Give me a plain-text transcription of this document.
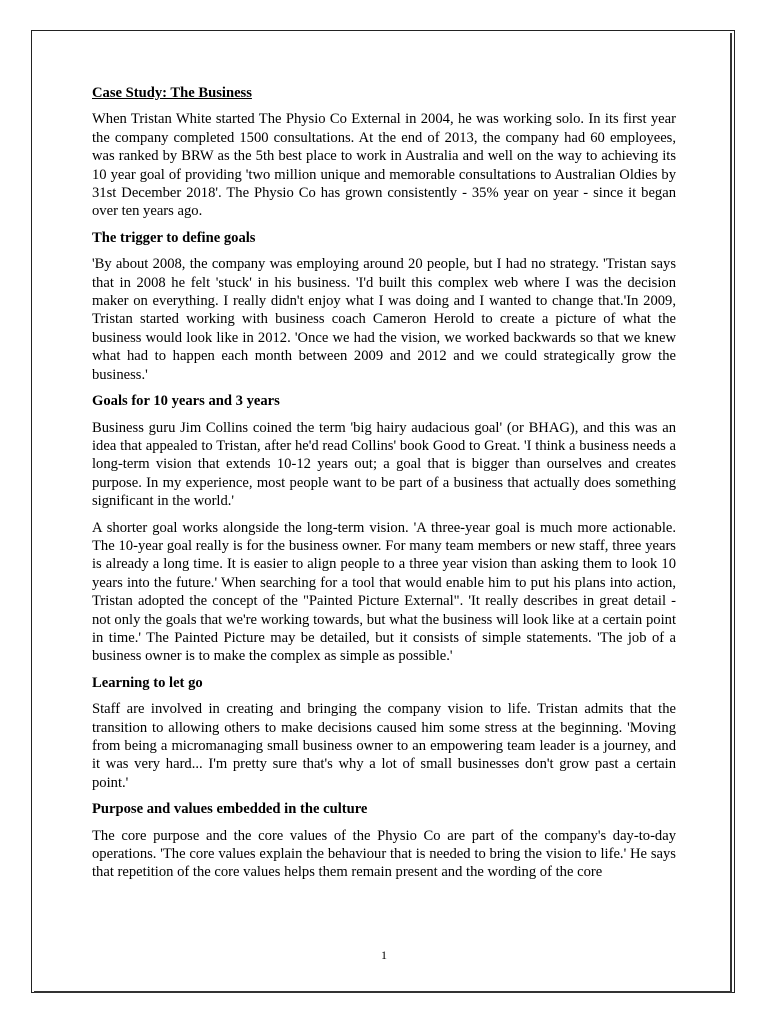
Case Study: The Business

When Tristan White started The Physio Co External in 2004, he was working solo. In its first year the company completed 1500 consultations. At the end of 2013, the company had 60 employees, was ranked by BRW as the 5th best place to work in Australia and well on the way to achieving its 10 year goal of providing 'two million unique and memorable consultations to Australian Oldies by 31st December 2018'. The Physio Co has grown consistently - 35% year on year - since it began over ten years ago.

The trigger to define goals

'By about 2008, the company was employing around 20 people, but I had no strategy. 'Tristan says that in 2008 he felt 'stuck' in his business. 'I'd built this complex web where I was the decision maker on everything. I really didn't enjoy what I was doing and I wanted to change that.'In 2009, Tristan started working with business coach Cameron Herold to create a picture of what the business would look like in 2012. 'Once we had the vision, we worked backwards so that we knew what had to happen each month between 2009 and 2012 and we could strategically grow the business.'

Goals for 10 years and 3 years

Business guru Jim Collins coined the term 'big hairy audacious goal' (or BHAG), and this was an idea that appealed to Tristan, after he'd read Collins' book Good to Great. 'I think a business needs a long-term vision that extends 10-12 years out; a goal that is bigger than ourselves and creates purpose. In my experience, most people want to be part of a business that actually does something significant in the world.'

A shorter goal works alongside the long-term vision. 'A three-year goal is much more actionable. The 10-year goal really is for the business owner. For many team members or new staff, three years is already a long time. It is easier to align people to a three year vision than asking them to look 10 years into the future.' When searching for a tool that would enable him to put his plans into action, Tristan adopted the concept of the "Painted Picture External". 'It really describes in great detail - not only the goals that we're working towards, but what the business will look like at a certain point in time.' The Painted Picture may be detailed, but it consists of simple statements. 'The job of a business owner is to make the complex as simple as possible.'

Learning to let go

Staff are involved in creating and bringing the company vision to life. Tristan admits that the transition to allowing others to make decisions caused him some stress at the beginning. 'Moving from being a micromanaging small business owner to an empowering team leader is a journey, and it was very hard... I'm pretty sure that's why a lot of small businesses don't grow past a certain point.'

Purpose and values embedded in the culture

The core purpose and the core values of the Physio Co are part of the company's day-to-day operations. 'The core values explain the behaviour that is needed to bring the vision to life.' He says that repetition of the core values helps them remain present and the wording of the core

1
